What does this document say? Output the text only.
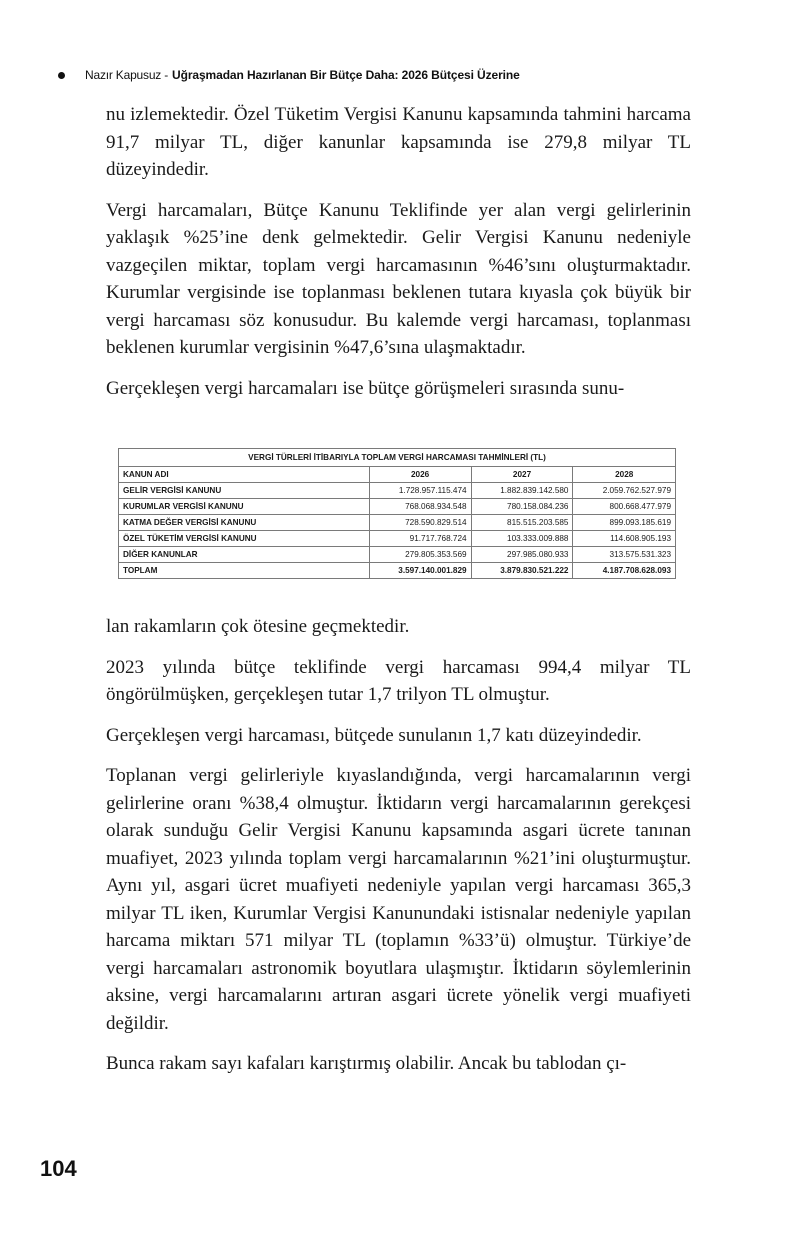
Nazır Kapusuz - Uğraşmadan Hazırlanan Bir Bütçe Daha: 2026 Bütçesi Üzerine

nu izlemektedir. Özel Tüketim Vergisi Kanunu kapsamında tahmini harcama 91,7 milyar TL, diğer kanunlar kapsamında ise 279,8 milyar TL düzeyindedir.

Vergi harcamaları, Bütçe Kanunu Teklifinde yer alan vergi gelirlerinin yaklaşık %25’ine denk gelmektedir. Gelir Vergisi Kanunu nedeniyle vazgeçilen miktar, toplam vergi harcamasının %46’sını oluşturmaktadır. Kurumlar vergisinde ise toplanması beklenen tutara kıyasla çok büyük bir vergi harcaması söz konusudur. Bu kalemde vergi harcaması, toplanması beklenen kurumlar vergisinin %47,6’sına ulaşmaktadır.

Gerçekleşen vergi harcamaları ise bütçe görüşmeleri sırasında sunu-

VERGİ TÜRLERİ İTİBARIYLA TOPLAM VERGİ HARCAMASI TAHMİNLERİ (TL)			
KANUN ADI	2026	2027	2028
GELİR VERGİSİ KANUNU	1.728.957.115.474	1.882.839.142.580	2.059.762.527.979
KURUMLAR VERGİSİ KANUNU	768.068.934.548	780.158.084.236	800.668.477.979
KATMA DEĞER VERGİSİ KANUNU	728.590.829.514	815.515.203.585	899.093.185.619
ÖZEL TÜKETİM VERGİSİ KANUNU	91.717.768.724	103.333.009.888	114.608.905.193
DİĞER KANUNLAR	279.805.353.569	297.985.080.933	313.575.531.323
TOPLAM	3.597.140.001.829	3.879.830.521.222	4.187.708.628.093

lan rakamların çok ötesine geçmektedir.

2023 yılında bütçe teklifinde vergi harcaması 994,4 milyar TL öngörülmüşken, gerçekleşen tutar 1,7 trilyon TL olmuştur.

Gerçekleşen vergi harcaması, bütçede sunulanın 1,7 katı düzeyindedir.

Toplanan vergi gelirleriyle kıyaslandığında, vergi harcamalarının vergi gelirlerine oranı %38,4 olmuştur. İktidarın vergi harcamalarının gerekçesi olarak sunduğu Gelir Vergisi Kanunu kapsamında asgari ücrete tanınan muafiyet, 2023 yılında toplam vergi harcamalarının %21’ini oluşturmuştur. Aynı yıl, asgari ücret muafiyeti nedeniyle yapılan vergi harcaması 365,3 milyar TL iken, Kurumlar Vergisi Kanunundaki istisnalar nedeniyle yapılan harcama miktarı 571 milyar TL (toplamın %33’ü) olmuştur. Türkiye’de vergi harcamaları astronomik boyutlara ulaşmıştır. İktidarın söylemlerinin aksine, vergi harcamalarını artıran asgari ücrete yönelik vergi muafiyeti değildir.

Bunca rakam sayı kafaları karıştırmış olabilir. Ancak bu tablodan çı-

104
